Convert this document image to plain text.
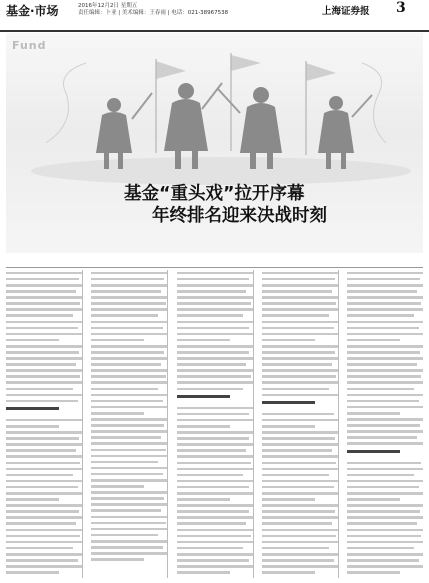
基金·市场	2016年12月2日 星期五
责任编辑：卜亚 | 美术编辑：王春雨 | 电话：021-38967538	上海证券报 3
Fund
基金“重头戏”拉开序幕
年终排名迎来决战时刻
